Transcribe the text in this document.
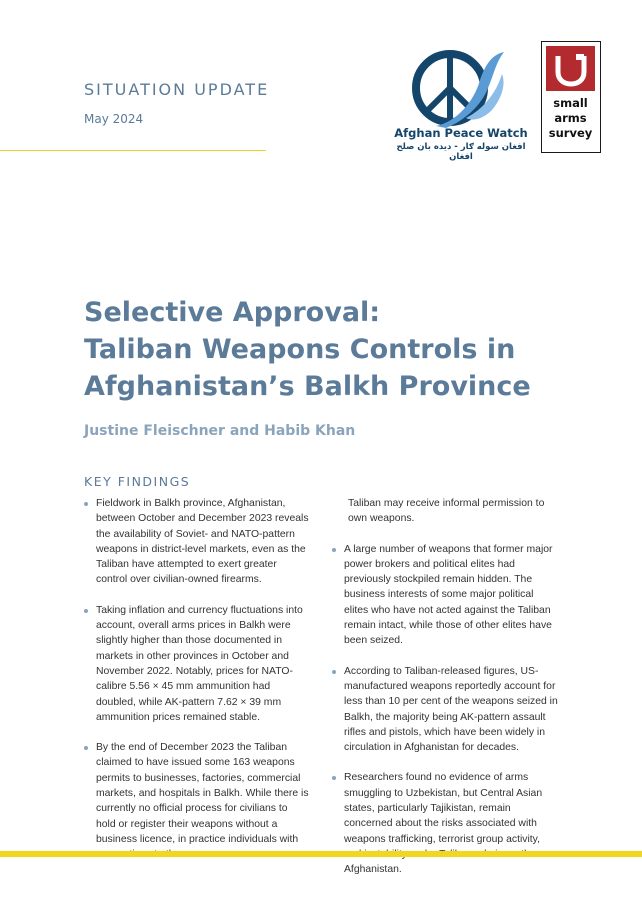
SITUATION UPDATE
May 2024
Afghan Peace Watch
افغان سوله ګار - دیده بان صلح افغان
small
arms
survey
Selective Approval:
Taliban Weapons Controls in
Afghanistan’s Balkh Province
Justine Fleischner and Habib Khan
KEY FINDINGS
Fieldwork in Balkh province, Afghanistan, between October and December 2023 reveals the availability of Soviet- and NATO-pattern weapons in district-level markets, even as the Taliban have attempted to exert greater control over civilian-owned firearms.
Taking inflation and currency fluctuations into account, overall arms prices in Balkh were slightly higher than those documented in markets in other provinces in October and November 2022. Notably, prices for NATO-calibre 5.56 × 45 mm ammunition had doubled, while AK-pattern 7.62 × 39 mm ammunition prices remained stable.
By the end of December 2023 the Taliban claimed to have issued some 163 weapons permits to businesses, factories, commercial markets, and hospitals in Balkh. While there is currently no official process for civilians to hold or register their weapons without a business licence, in practice individuals with
Taliban may receive informal permission to own weapons.
A large number of weapons that former major power brokers and political elites had previously stockpiled remain hidden. The business interests of some major political elites who have not acted against the Taliban remain intact, while those of other elites have been seized.
According to Taliban-released figures, US-manufactured weapons reportedly account for less than 10 per cent of the weapons seized in Balkh, the majority being AK-pattern assault rifles and pistols, which have been widely in circulation in Afghanistan for decades.
Researchers found no evidence of arms smuggling to Uzbekistan, but Central Asian states, particularly Tajikistan, remain concerned about the risks associated with weapons trafficking, terrorist group activity, Afghanistan.
